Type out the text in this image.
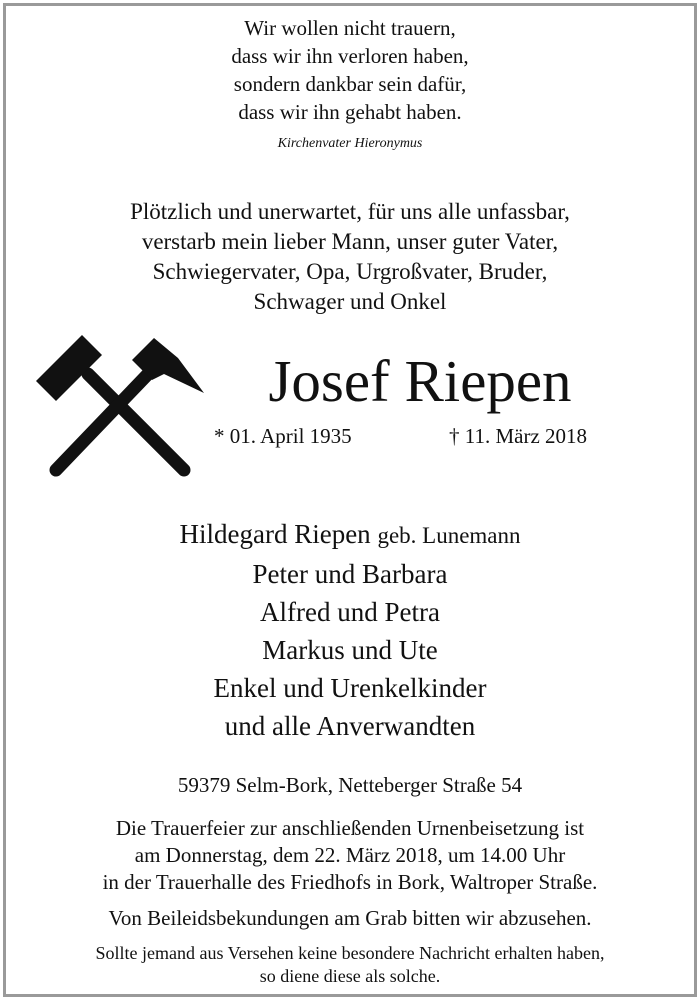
Wir wollen nicht trauern,
dass wir ihn verloren haben,
sondern dankbar sein dafür,
dass wir ihn gehabt haben.
Kirchenvater Hieronymus
Plötzlich und unerwartet, für uns alle unfassbar,
verstarb mein lieber Mann, unser guter Vater,
Schwiegervater, Opa, Urgroßvater, Bruder,
Schwager und Onkel
Josef Riepen
* 01. April 1935	† 11. März 2018
Hildegard Riepen geb. Lunemann
Peter und Barbara
Alfred und Petra
Markus und Ute
Enkel und Urenkelkinder
und alle Anverwandten
59379 Selm-Bork, Netteberger Straße 54
Die Trauerfeier zur anschließenden Urnenbeisetzung ist
am Donnerstag, dem 22. März 2018, um 14.00 Uhr
in der Trauerhalle des Friedhofs in Bork, Waltroper Straße.
Von Beileidsbekundungen am Grab bitten wir abzusehen.
Sollte jemand aus Versehen keine besondere Nachricht erhalten haben,
so diene diese als solche.
